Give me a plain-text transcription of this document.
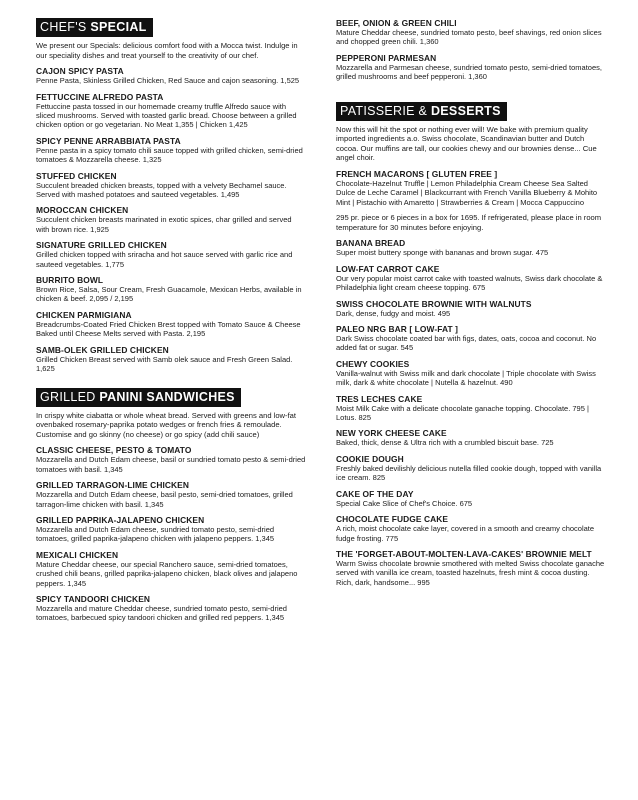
CHEF'S SPECIAL
We present our Specials: delicious comfort food with a Mocca twist. Indulge in our speciality dishes and treat yourself to the creativity of our chef.
CAJON SPICY PASTA
Penne Pasta, Skinless Grilled Chicken, Red Sauce and cajon seasoning. 1,525
FETTUCCINE ALFREDO PASTA
Fettuccine pasta tossed in our homemade creamy truffle Alfredo sauce with sliced mushrooms. Served with toasted garlic bread. Choose between a grilled chicken option or go vegetarian. No Meat 1,355 | Chicken 1,425
SPICY PENNE ARRABBIATA PASTA
Penne pasta in a spicy tomato chili sauce topped with grilled chicken, semi-dried tomatoes & Mozzarella cheese. 1,325
STUFFED CHICKEN
Succulent breaded chicken breasts, topped with a velvety Bechamel sauce. Served with mashed potatoes and sauteed vegetables. 1,495
MOROCCAN CHICKEN
Succulent chicken breasts marinated in exotic spices, char grilled and served with brown rice. 1,925
SIGNATURE GRILLED CHICKEN
Grilled chicken topped with sriracha and hot sauce served with garlic rice and sauteed vegetables. 1,775
BURRITO BOWL
Brown Rice, Salsa, Sour Cream, Fresh Guacamole, Mexican Herbs, available in chicken & beef. 2,095 / 2,195
CHICKEN PARMIGIANA
Breadcrumbs-Coated Fried Chicken Brest topped with Tomato Sauce & Cheese Baked until Cheese Melts served with Pasta. 2,195
SAMB-OLEK GRILLED CHICKEN
Grilled Chicken Breast served with Samb olek sauce and Fresh Green Salad. 1,625
GRILLED PANINI SANDWICHES
In crispy white ciabatta or whole wheat bread. Served with greens and low-fat ovenbaked rosemary-paprika potato wedges or french fries & remoulade. Customise and go skinny (no cheese) or go spicy (add chili sauce)
CLASSIC CHEESE, PESTO & TOMATO
Mozzarella and Dutch Edam cheese, basil or sundried tomato pesto & semi-dried tomatoes with basil. 1,345
GRILLED TARRAGON-LIME CHICKEN
Mozzarella and Dutch Edam cheese, basil pesto, semi-dried tomatoes, grilled tarragon-lime chicken with basil. 1,345
GRILLED PAPRIKA-JALAPENO CHICKEN
Mozzarella and Dutch Edam cheese, sundried tomato pesto, semi-dried tomatoes, grilled paprika-jalapeno chicken with jalapeno peppers. 1,345
MEXICALI CHICKEN
Mature Cheddar cheese, our special Ranchero sauce, semi-dried tomatoes, crushed chili beans, grilled paprika-jalapeno chicken, black olives and jalapeno peppers. 1,345
SPICY TANDOORI CHICKEN
Mozzarella and mature Cheddar cheese, sundried tomato pesto, semi-dried tomatoes, barbecued spicy tandoori chicken and grilled red peppers. 1,345
BEEF, ONION & GREEN CHILI
Mature Cheddar cheese, sundried tomato pesto, beef shavings, red onion slices and chopped green chili. 1,360
PEPPERONI PARMESAN
Mozzarella and Parmesan cheese, sundried tomato pesto, semi-dried tomatoes, grilled mushrooms and beef pepperoni. 1,360
PATISSERIE & DESSERTS
Now this will hit the spot or nothing ever will! We bake with premium quality imported ingredients a.o. Swiss chocolate, Scandinavian butter and Dutch cocoa. Our muffins are tall, our cookies chewy and our brownies dense... Cue angel choir.
FRENCH MACARONS [ GLUTEN FREE ]
Chocolate-Hazelnut Truffle | Lemon Philadelphia Cream Cheese Sea Salted Dulce de Leche Caramel | Blackcurrant with French Vanilla Blueberry & Mohito Mint | Pistachio with Amaretto | Strawberries & Cream | Mocca Cappuccino
295 pr. piece or 6 pieces in a box for 1695. If refrigerated, please place in room temperature for 30 minutes before enjoying.
BANANA BREAD
Super moist buttery sponge with bananas and brown sugar. 475
LOW-FAT CARROT CAKE
Our very popular moist carrot cake with toasted walnuts, Swiss dark chocolate & Philadelphia light cream cheese topping. 675
SWISS CHOCOLATE BROWNIE WITH WALNUTS
Dark, dense, fudgy and moist. 495
PALEO NRG BAR [ LOW-FAT ]
Dark Swiss chocolate coated bar with figs, dates, oats, cocoa and coconut. No added fat or sugar. 545
CHEWY COOKIES
Vanilla-walnut with Swiss milk and dark chocolate | Triple chocolate with Swiss milk, dark & white chocolate | Nutella & hazelnut. 490
TRES LECHES CAKE
Moist Milk Cake with a delicate chocolate ganache topping. Chocolate. 795 | Lotus. 825
NEW YORK CHEESE CAKE
Baked, thick, dense & Ultra rich with a crumbled biscuit base. 725
COOKIE DOUGH
Freshly baked devilishly delicious nutella filled cookie dough, topped with vanilla ice cream. 825
CAKE OF THE DAY
Special Cake Slice of Chef's Choice. 675
CHOCOLATE FUDGE CAKE
A rich, moist chocolate cake layer, covered in a smooth and creamy chocolate fudge frosting. 775
THE 'FORGET-ABOUT-MOLTEN-LAVA-CAKES' BROWNIE MELT
Warm Swiss chocolate brownie smothered with melted Swiss chocolate ganache served with vanilla ice cream, toasted hazelnuts, fresh mint & cocoa dusting. Rich, dark, handsome... 995
